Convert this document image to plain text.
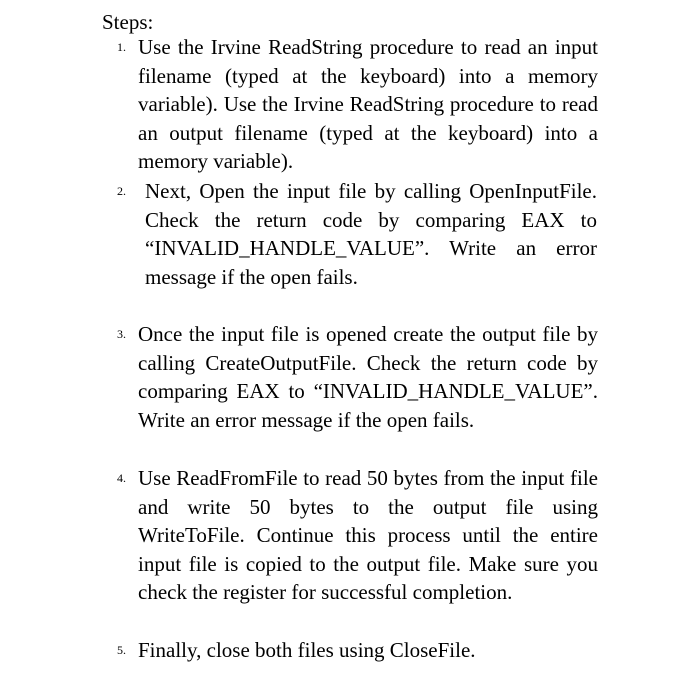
Steps:
1. Use the Irvine ReadString procedure to read an input filename (typed at the keyboard) into a memory variable). Use the Irvine ReadString procedure to read an output filename (typed at the keyboard) into a memory variable).
2. Next, Open the input file by calling OpenInputFile. Check the return code by comparing EAX to “INVALID_HANDLE_VALUE”. Write an error message if the open fails.
3. Once the input file is opened create the output file by calling CreateOutputFile. Check the return code by comparing EAX to “INVALID_HANDLE_VALUE”. Write an error message if the open fails.
4. Use ReadFromFile to read 50 bytes from the input file and write 50 bytes to the output file using WriteToFile. Continue this process until the entire input file is copied to the output file. Make sure you check the register for successful completion.
5. Finally, close both files using CloseFile.
